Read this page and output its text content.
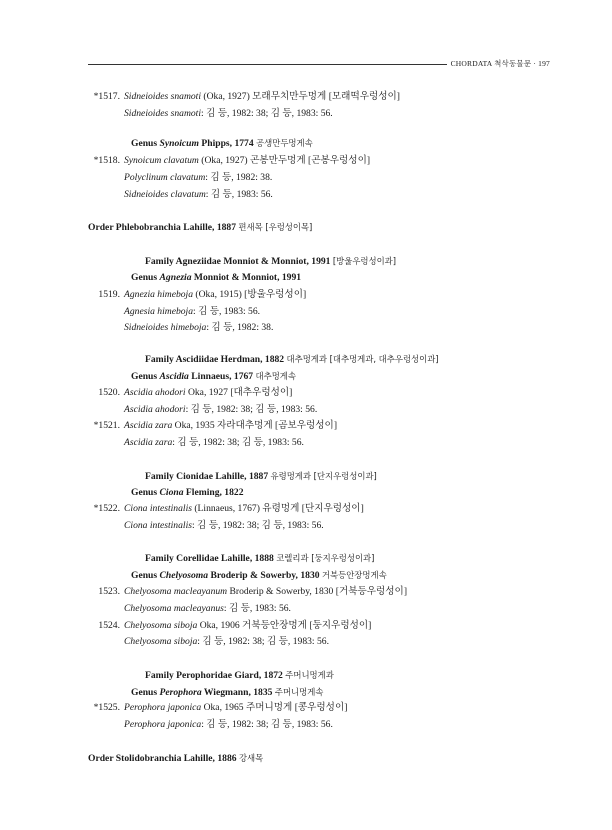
CHORDATA 척삭동물문 · 197
*1517. Sidneioides snamoti (Oka, 1927) 모래무치만두멍게 [모래떡우렁성이]
Sidneioides snamoti: 김 등, 1982: 38; 김 등, 1983: 56.
Genus Synoicum Phipps, 1774 공생만두멍게속
*1518. Synoicum clavatum (Oka, 1927) 곤봉만두멍게 [곤봉우렁성이]
Polyclinum clavatum: 김 등, 1982: 38.
Sidneioides clavatum: 김 등, 1983: 56.
Order Phlebobranchia Lahille, 1887 편새목 [우렁성이목]
Family Agneziidae Monniot & Monniot, 1991 [방울우렁성이과]
Genus Agnezia Monniot & Monniot, 1991
1519. Agnezia himeboja (Oka, 1915) [방울우렁성이]
Agnesia himeboja: 김 등, 1983: 56.
Sidneioides himeboja: 김 등, 1982: 38.
Family Ascidiidae Herdman, 1882 대추멍게과 [대추멍게과, 대추우렁성이과]
Genus Ascidia Linnaeus, 1767 대추멍게속
1520. Ascidia ahodori Oka, 1927 [대추우렁성이]
Ascidia ahodori: 김 등, 1982: 38; 김 등, 1983: 56.
*1521. Ascidia zara Oka, 1935 자라대추멍게 [곰보우렁성이]
Ascidia zara: 김 등, 1982: 38; 김 등, 1983: 56.
Family Cionidae Lahille, 1887 유령멍게과 [단지우렁성이과]
Genus Ciona Fleming, 1822
*1522. Ciona intestinalis (Linnaeus, 1767) 유령멍게 [단지우렁성이]
Ciona intestinalis: 김 등, 1982: 38; 김 등, 1983: 56.
Family Corellidae Lahille, 1888 코렐리과 [둥지우렁성이과]
Genus Chelyosoma Broderip & Sowerby, 1830 거북등안장멍게속
1523. Chelyosoma macleayanum Broderip & Sowerby, 1830 [거북등우렁성이]
Chelyosoma macleayanus: 김 등, 1983: 56.
1524. Chelyosoma siboja Oka, 1906 거북등안장멍게 [둥지우렁성이]
Chelyosoma siboja: 김 등, 1982: 38; 김 등, 1983: 56.
Family Perophoridae Giard, 1872 주머니멍게과
Genus Perophora Wiegmann, 1835 주머니멍게속
*1525. Perophora japonica Oka, 1965 주머니멍게 [콩우렁성이]
Perophora japonica: 김 등, 1982: 38; 김 등, 1983: 56.
Order Stolidobranchia Lahille, 1886 강새목
